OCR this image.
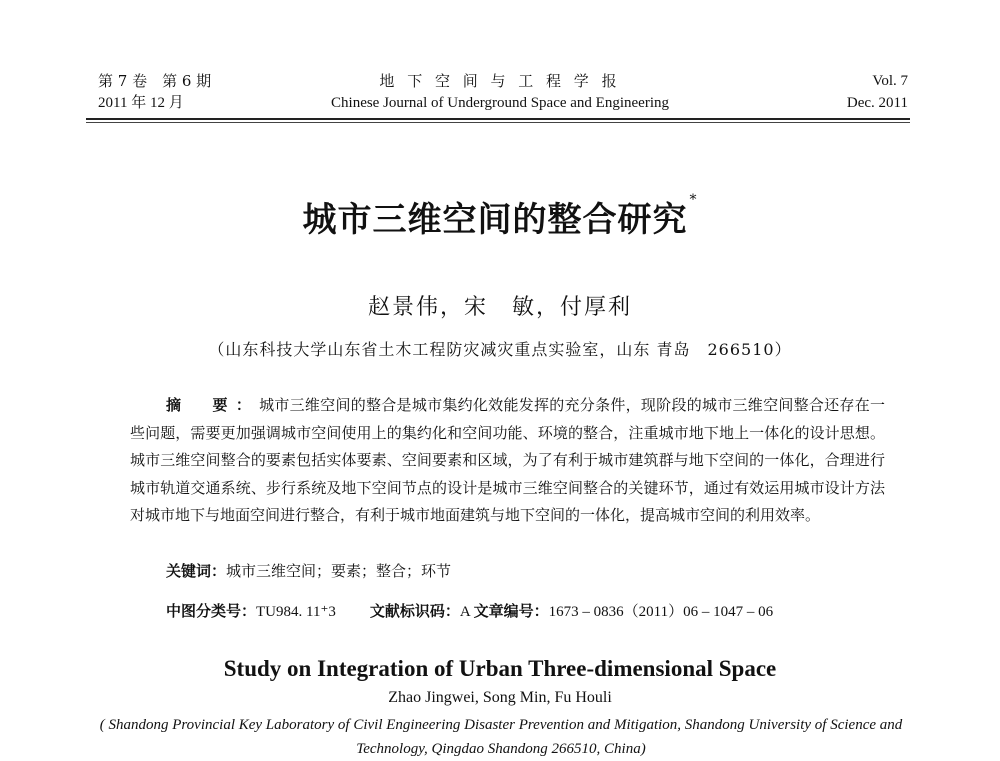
第 7 卷　第 6 期
2011 年 12 月
地 下 空 间 与 工 程 学 报
Chinese Journal of Underground Space and Engineering
Vol. 7
Dec. 2011
城市三维空间的整合研究 *
赵景伟，宋　敏，付厚利
（山东科技大学山东省土木工程防灾减灾重点实验室，山东 青岛　266510）
摘　要：城市三维空间的整合是城市集约化效能发挥的充分条件，现阶段的城市三维空间整合还存在一些问题，需要更加强调城市空间使用上的集约化和空间功能、环境的整合，注重城市地下地上一体化的设计思想。城市三维空间整合的要素包括实体要素、空间要素和区域，为了有利于城市建筑群与地下空间的一体化，合理进行城市轨道交通系统、步行系统及地下空间节点的设计是城市三维空间整合的关键环节，通过有效运用城市设计方法对城市地下与地面空间进行整合，有利于城市地面建筑与地下空间的一体化，提高城市空间的利用效率。
关键词：城市三维空间；要素；整合；环节
中图分类号：TU984. 11⁺3 文献标识码：A 文章编号：1673 – 0836（2011）06 – 1047 – 06
Study on Integration of Urban Three-dimensional Space
Zhao Jingwei, Song Min, Fu Houli
( Shandong Provincial Key Laboratory of Civil Engineering Disaster Prevention and Mitigation, Shandong University of Science and Technology, Qingdao Shandong 266510, China)
